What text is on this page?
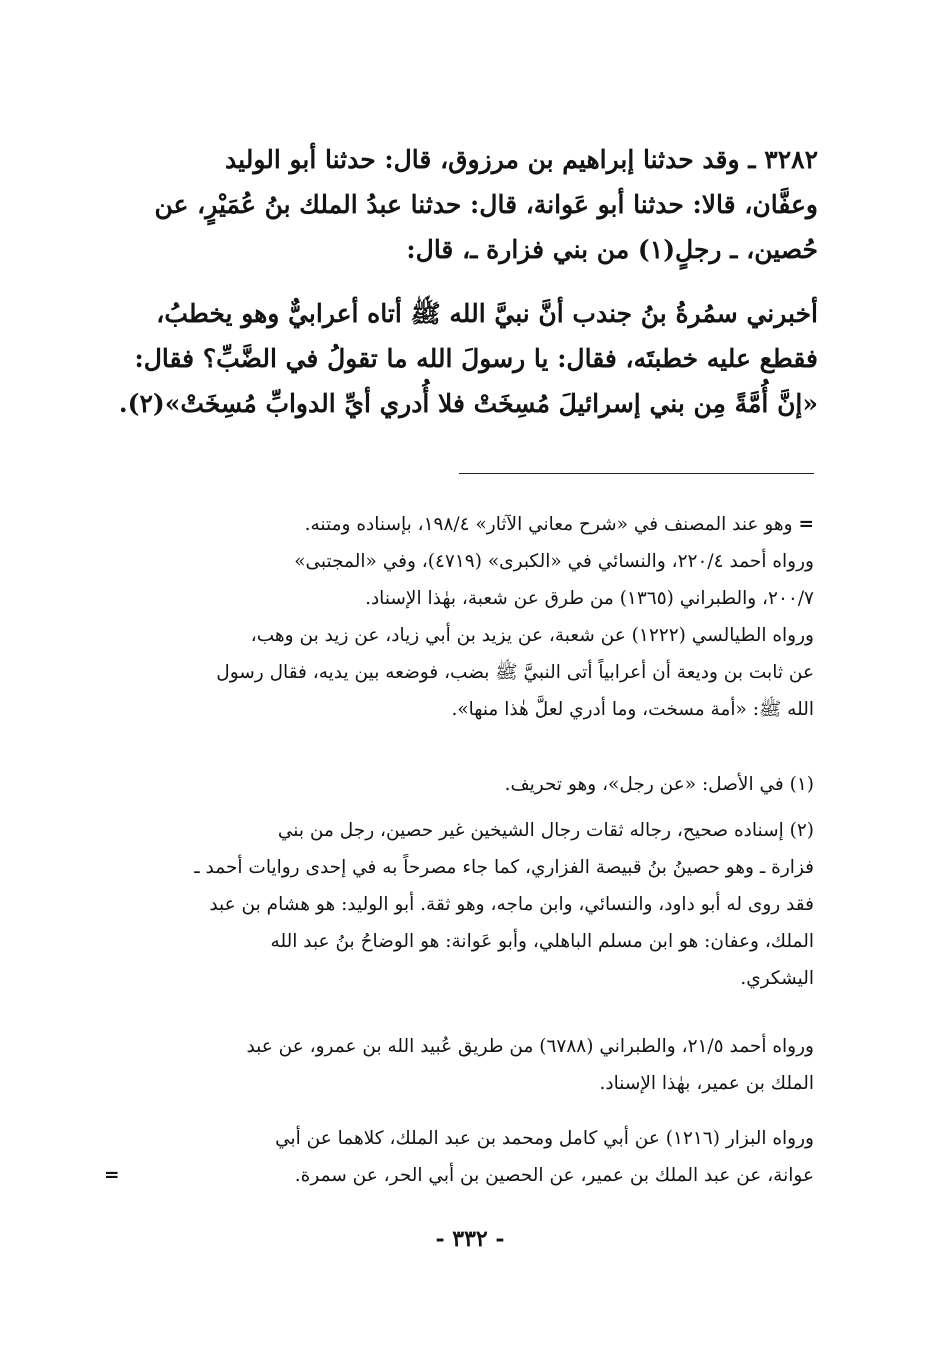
٣٢٨٢ ـ وقد حدثنا إبراهيم بن مرزوق، قال: حدثنا أبو الوليد

وعفَّان، قالا: حدثنا أبو عَوانة، قال: حدثنا عبدُ الملك بنُ عُمَيْرٍ، عن

حُصين، ـ رجلٍ(١) من بني فزارة ـ، قال:

أخبرني سمُرةُ بنُ جندب أنَّ نبيَّ الله ﷺ أتاه أعرابيٌّ وهو يخطبُ،

فقطع عليه خطبتَه، فقال: يا رسولَ الله ما تقولُ في الضَّبِّ؟ فقال:

«إنَّ أُمَّةً مِن بني إسرائيلَ مُسِخَتْ فلا أُدري أيِّ الدوابِّ مُسِخَتْ»(٢).

= وهو عند المصنف في «شرح معاني الآثار» ١٩٨/٤، بإسناده ومتنه.

ورواه أحمد ٢٢٠/٤، والنسائي في «الكبرى» (٤٧١٩)، وفي «المجتبى»

٢٠٠/٧، والطبراني (١٣٦٥) من طرق عن شعبة، بهٰذا الإسناد.

ورواه الطيالسي (١٢٢٢) عن شعبة، عن يزيد بن أبي زياد، عن زيد بن وهب،

عن ثابت بن وديعة أن أعرابياً أتى النبيَّ ﷺ بضب، فوضعه بين يديه، فقال رسول

الله ﷺ: «أمة مسخت، وما أدري لعلَّ هٰذا منها».

(١) في الأصل: «عن رجل»، وهو تحريف.

(٢) إسناده صحيح، رجاله ثقات رجال الشيخين غير حصين، رجل من بني

فزارة ـ وهو حصينُ بنُ قبيصة الفزاري، كما جاء مصرحاً به في إحدى روايات أحمد ـ

فقد روى له أبو داود، والنسائي، وابن ماجه، وهو ثقة. أبو الوليد: هو هشام بن عبد

الملك، وعفان: هو ابن مسلم الباهلي، وأبو عَوانة: هو الوضاحُ بنُ عبد الله

اليشكري.

ورواه أحمد ٢١/٥، والطبراني (٦٧٨٨) من طريق عُبيد الله بن عمرو، عن عبد

الملك بن عمير، بهٰذا الإسناد.

ورواه البزار (١٢١٦) عن أبي كامل ومحمد بن عبد الملك، كلاهما عن أبي

عوانة، عن عبد الملك بن عمير، عن الحصين بن أبي الحر، عن سمرة.
=

- ٣٣٢ -
